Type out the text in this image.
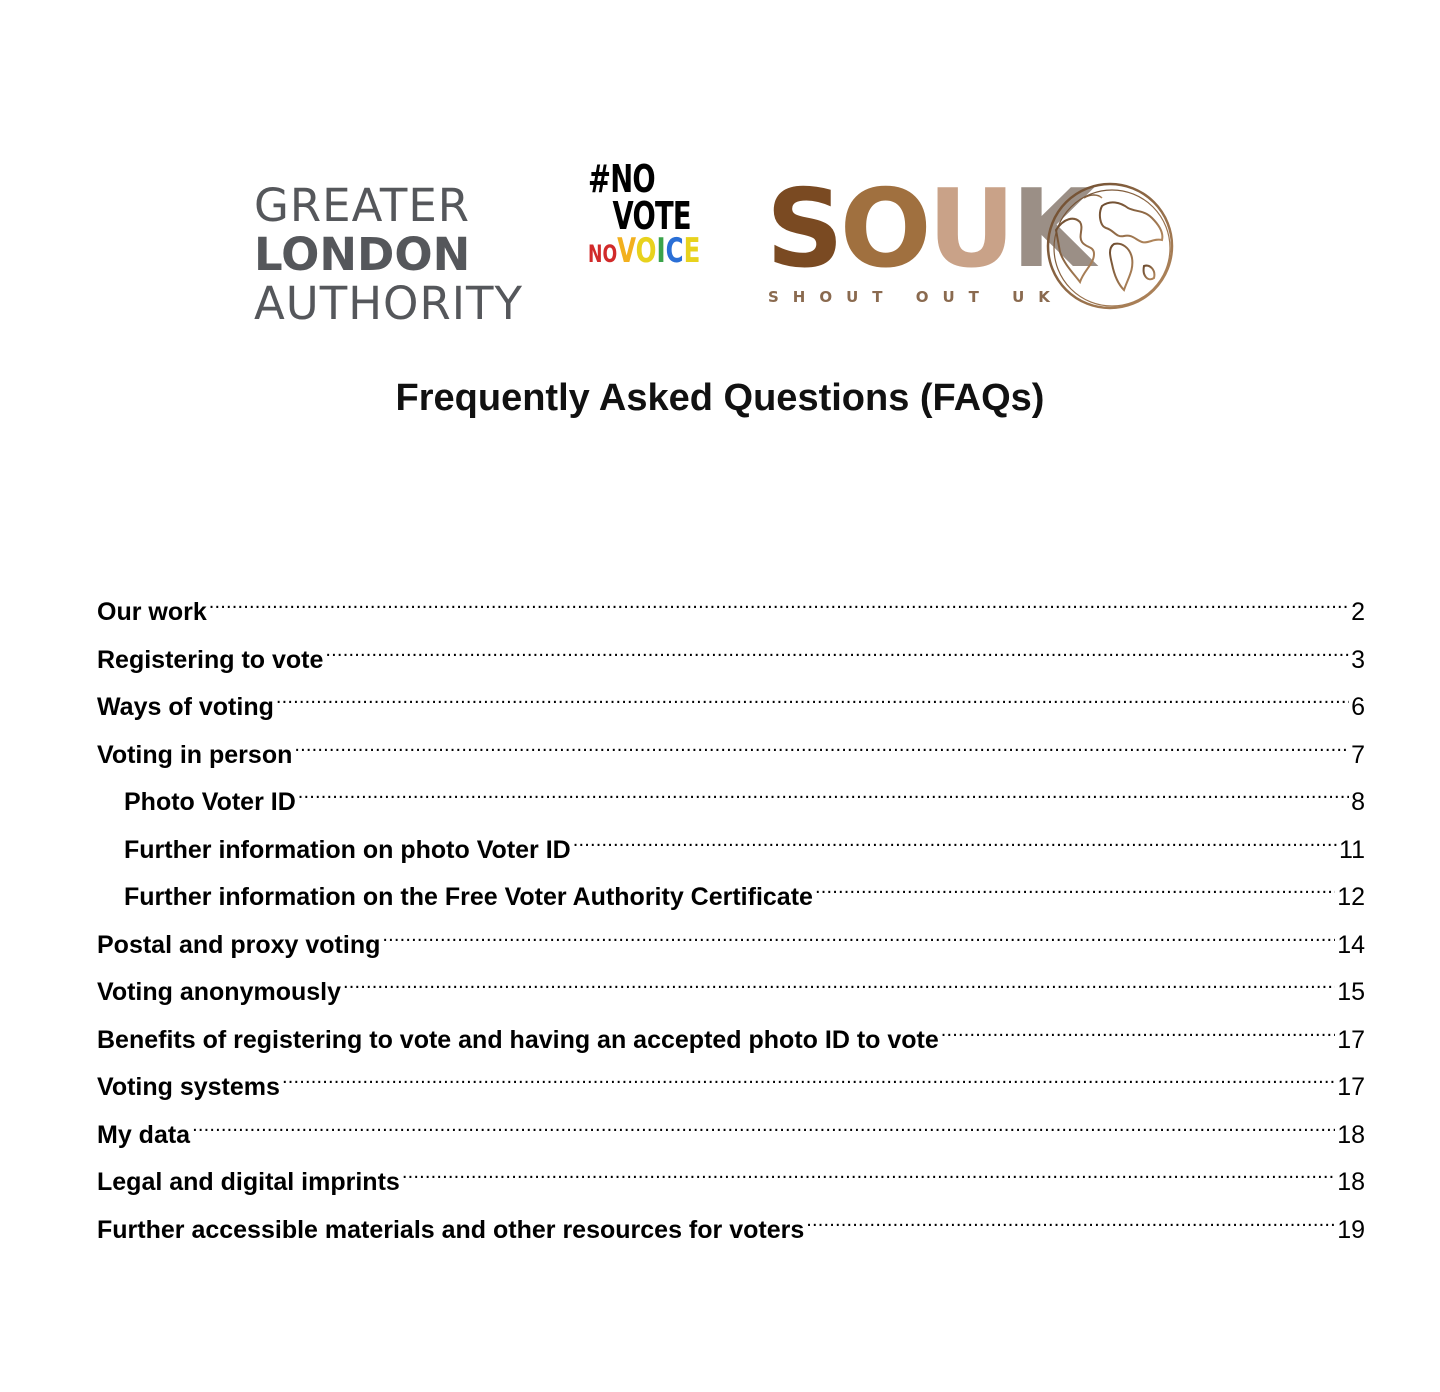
GREATER
LONDON
AUTHORITY
#NO
VOTE
NOVOICE SOUK
SHOUT OUT UK
Frequently Asked Questions (FAQs)
Our work .....	2
Registering to vote .....	3
Ways of voting .....	6
Voting in person .....	7
Photo Voter ID .....	8
Further information on photo Voter ID .....	11
Further information on the Free Voter Authority Certificate .....	12
Postal and proxy voting .....	14
Voting anonymously .....	15
Benefits of registering to vote and having an accepted photo ID to vote .....	17
Voting systems .....	17
My data .....	18
Legal and digital imprints .....	18
Further accessible materials and other resources for voters .....	19
